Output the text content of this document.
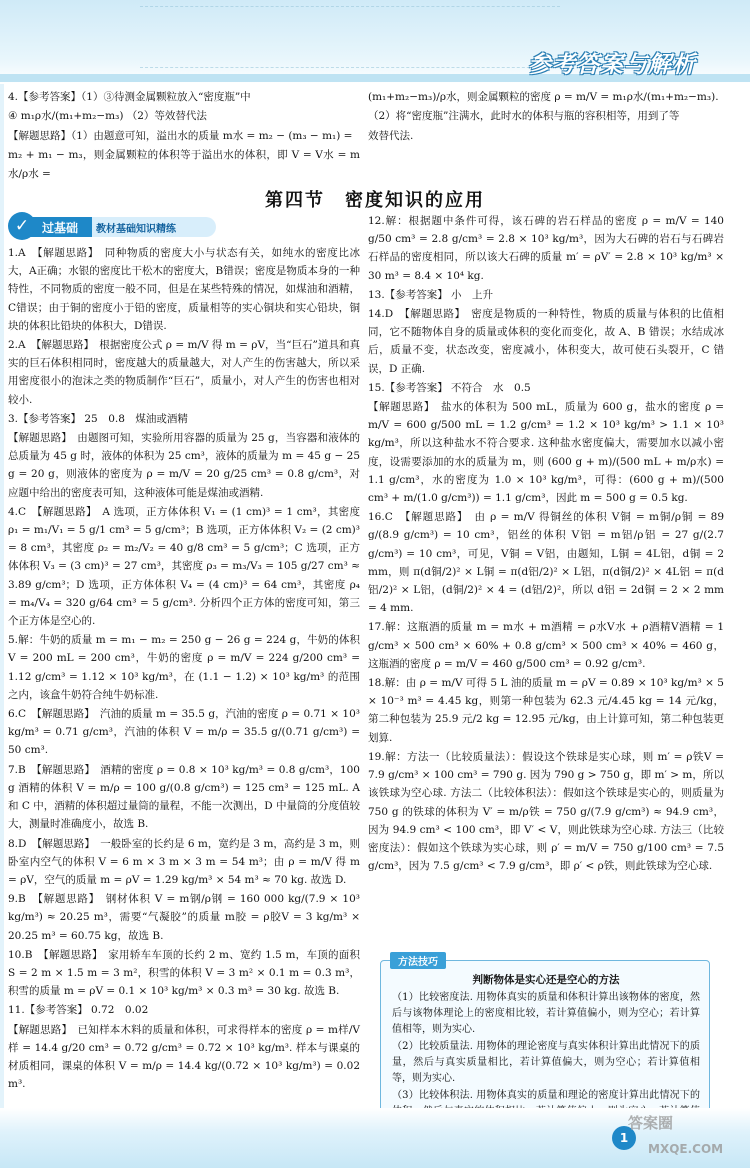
参考答案与解析

4.【参考答案】（1）③待测金属颗粒放入“密度瓶”中

④ m₁ρ水/(m₁+m₂−m₃) （2）等效替代法

【解题思路】（1）由题意可知，溢出水的质量 m水 = m₂ − (m₃ − m₁) =

m₂ + m₁ − m₃，则金属颗粒的体积等于溢出水的体积，即 V = V水 = m水/ρ水 =

(m₁+m₂−m₃)/ρ水，则金属颗粒的密度 ρ = m/V = m₁ρ水/(m₁+m₂−m₃).

（2）将“密度瓶”注满水，此时水的体积与瓶的容积相等，用到了等

效替代法.

第四节　密度知识的应用
✓	过基础 教材基础知识精练

1.A　【解题思路】　同种物质的密度大小与状态有关，如纯水的密度比冰大，A正确；水银的密度比干松木的密度大，B错误；密度是物质本身的一种特性，不同物质的密度一般不同，但是在某些特殊的情况，如煤油和酒精，C错误；由于铜的密度小于铅的密度，质量相等的实心铜块和实心铅块，铜块的体积比铅块的体积大，D错误.

2.A　【解题思路】　根据密度公式 ρ = m/V 得 m = ρV，当“巨石”道具和真实的巨石体积相同时，密度越大的质量越大，对人产生的伤害越大，所以采用密度很小的泡沫之类的物质制作“巨石”，质量小，对人产生的伤害也相对较小.

3.【参考答案】 25　0.8　煤油或酒精

【解题思路】　由题图可知，实验所用容器的质量为 25 g，当容器和液体的总质量为 45 g 时，液体的体积为 25 cm³，液体的质量为 m = 45 g − 25 g = 20 g，则液体的密度为 ρ = m/V = 20 g/25 cm³ = 0.8 g/cm³，对应题中给出的密度表可知，这种液体可能是煤油或酒精.

4.C　【解题思路】　A 选项，正方体体积 V₁ = (1 cm)³ = 1 cm³，其密度 ρ₁ = m₁/V₁ = 5 g/1 cm³ = 5 g/cm³；B 选项，正方体体积 V₂ = (2 cm)³ = 8 cm³，其密度 ρ₂ = m₂/V₂ = 40 g/8 cm³ = 5 g/cm³；C 选项，正方体体积 V₃ = (3 cm)³ = 27 cm³，其密度 ρ₃ = m₃/V₃ = 105 g/27 cm³ ≈ 3.89 g/cm³；D 选项，正方体体积 V₄ = (4 cm)³ = 64 cm³，其密度 ρ₄ = m₄/V₄ = 320 g/64 cm³ = 5 g/cm³. 分析四个正方体的密度可知，第三个正方体是空心的.

5.解：牛奶的质量 m = m₁ − m₂ = 250 g − 26 g = 224 g，牛奶的体积 V = 200 mL = 200 cm³，牛奶的密度 ρ = m/V = 224 g/200 cm³ = 1.12 g/cm³ = 1.12 × 10³ kg/m³，在 (1.1 − 1.2) × 10³ kg/m³ 的范围之内，该盒牛奶符合纯牛奶标准.

6.C　【解题思路】　汽油的质量 m = 35.5 g，汽油的密度 ρ = 0.71 × 10³ kg/m³ = 0.71 g/cm³，汽油的体积 V = m/ρ = 35.5 g/(0.71 g/cm³) = 50 cm³.

7.B　【解题思路】　酒精的密度 ρ = 0.8 × 10³ kg/m³ = 0.8 g/cm³，100 g 酒精的体积 V = m/ρ = 100 g/(0.8 g/cm³) = 125 cm³ = 125 mL. A 和 C 中，酒精的体积超过量筒的量程，不能一次测出，D 中量筒的分度值较大，测量时准确度小，故选 B.

8.D　【解题思路】　一般卧室的长约是 6 m，宽约是 3 m，高约是 3 m，则卧室内空气的体积 V = 6 m × 3 m × 3 m = 54 m³；由 ρ = m/V 得 m = ρV，空气的质量 m = ρV = 1.29 kg/m³ × 54 m³ ≈ 70 kg. 故选 D.

9.B　【解题思路】　钢材体积 V = m钢/ρ钢 = 160 000 kg/(7.9 × 10³ kg/m³) ≈ 20.25 m³，需要“气凝胶”的质量 m胶 = ρ胶V = 3 kg/m³ × 20.25 m³ = 60.75 kg，故选 B.

10.B　【解题思路】　家用轿车车顶的长约 2 m、宽约 1.5 m，车顶的面积 S = 2 m × 1.5 m = 3 m²，积雪的体积 V = 3 m² × 0.1 m = 0.3 m³，积雪的质量 m = ρV = 0.1 × 10³ kg/m³ × 0.3 m³ = 30 kg. 故选 B.

11.【参考答案】 0.72　0.02

【解题思路】　已知样本木料的质量和体积，可求得样本的密度 ρ = m样/V样 = 14.4 g/20 cm³ = 0.72 g/cm³ = 0.72 × 10³ kg/m³. 样本与课桌的材质相同，课桌的体积 V = m/ρ = 14.4 kg/(0.72 × 10³ kg/m³) = 0.02 m³.

12.解：根据题中条件可得，该石碑的岩石样品的密度 ρ = m/V = 140 g/50 cm³ = 2.8 g/cm³ = 2.8 × 10³ kg/m³，因为大石碑的岩石与石碑岩石样品的密度相同，所以该大石碑的质量 m′ = ρV′ = 2.8 × 10³ kg/m³ × 30 m³ = 8.4 × 10⁴ kg.

13.【参考答案】 小　上升

14.D　【解题思路】　密度是物质的一种特性，物质的质量与体积的比值相同，它不随物体自身的质量或体积的变化而变化，故 A、B 错误；水结成冰后，质量不变，状态改变，密度减小，体积变大，故可使石头裂开，C 错误，D 正确.

15.【参考答案】 不符合　水　0.5

【解题思路】　盐水的体积为 500 mL，质量为 600 g，盐水的密度 ρ = m/V = 600 g/500 mL = 1.2 g/cm³ = 1.2 × 10³ kg/m³ > 1.1 × 10³ kg/m³，所以这种盐水不符合要求. 这种盐水密度偏大，需要加水以减小密度，设需要添加的水的质量为 m，则 (600 g + m)/(500 mL + m/ρ水) = 1.1 g/cm³，水的密度为 1.0 × 10³ kg/m³，可得：(600 g + m)/(500 cm³ + m/(1.0 g/cm³)) = 1.1 g/cm³，因此 m = 500 g = 0.5 kg.

16.C　【解题思路】　由 ρ = m/V 得铜丝的体积 V铜 = m铜/ρ铜 = 89 g/(8.9 g/cm³) = 10 cm³，铝丝的体积 V铝 = m铝/ρ铝 = 27 g/(2.7 g/cm³) = 10 cm³，可见，V铜 = V铝，由题知，L铜 = 4L铝，d铜 = 2 mm，则 π(d铜/2)² × L铜 = π(d铝/2)² × L铝，π(d铜/2)² × 4L铝 = π(d铝/2)² × L铝，(d铜/2)² × 4 = (d铝/2)²，所以 d铝 = 2d铜 = 2 × 2 mm = 4 mm.

17.解：这瓶酒的质量 m = m水 + m酒精 = ρ水V水 + ρ酒精V酒精 = 1 g/cm³ × 500 cm³ × 60% + 0.8 g/cm³ × 500 cm³ × 40% = 460 g，这瓶酒的密度 ρ = m/V = 460 g/500 cm³ = 0.92 g/cm³.

18.解：由 ρ = m/V 可得 5 L 油的质量 m = ρV = 0.89 × 10³ kg/m³ × 5 × 10⁻³ m³ = 4.45 kg，则第一种包装为 62.3 元/4.45 kg = 14 元/kg，第二种包装为 25.9 元/2 kg = 12.95 元/kg，由上计算可知，第二种包装更划算.

19.解：方法一（比较质量法）：假设这个铁球是实心球，则 m′ = ρ铁V = 7.9 g/cm³ × 100 cm³ = 790 g. 因为 790 g > 750 g，即 m′ > m，所以该铁球为空心球. 方法二（比较体积法）：假如这个铁球是实心的，则质量为 750 g 的铁球的体积为 V′ = m/ρ铁 = 750 g/(7.9 g/cm³) ≈ 94.9 cm³，因为 94.9 cm³ < 100 cm³，即 V′ < V，则此铁球为空心球. 方法三（比较密度法）：假如这个铁球为实心球，则 ρ′ = m/V = 750 g/100 cm³ = 7.5 g/cm³，因为 7.5 g/cm³ < 7.9 g/cm³，即 ρ′ < ρ铁，则此铁球为空心球.

方法技巧
判断物体是实心还是空心的方法

（1）比较密度法. 用物体真实的质量和体积计算出该物体的密度，然后与该物体理论上的密度相比较，若计算值偏小，则为空心；若计算值相等，则为实心.

（2）比较质量法. 用物体的理论密度与真实体积计算出此情况下的质量，然后与真实质量相比，若计算值偏大，则为空心；若计算值相等，则为实心.

（3）比较体积法. 用物体真实的质量和理论的密度计算出此情况下的

1
答案圈
MXQE.COM
